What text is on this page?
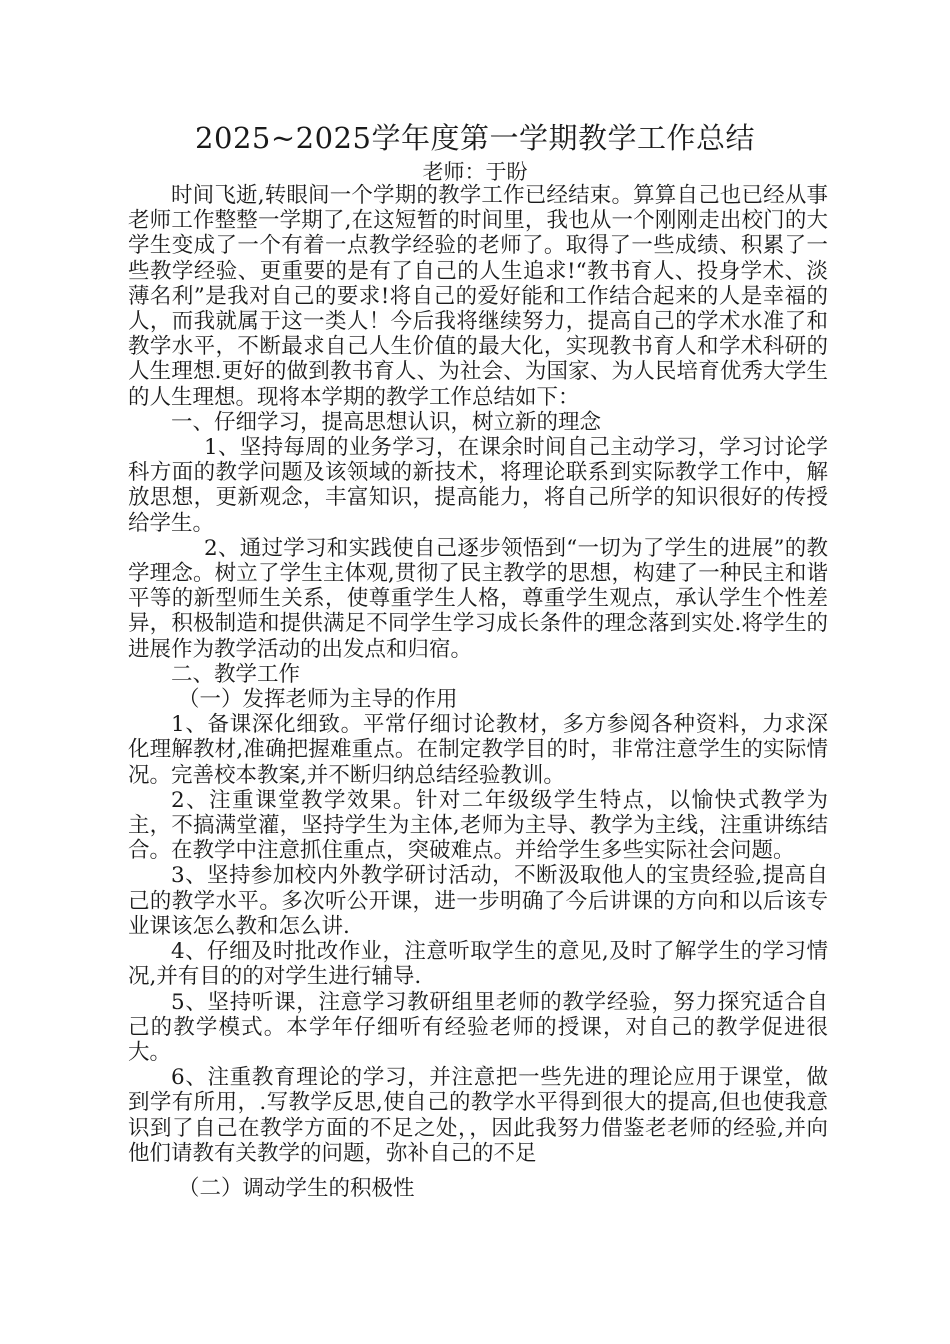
2025~2025学年度第一学期教学工作总结
老师：于盼

时间飞逝,转眼间一个学期的教学工作已经结束。算算自己也已经从事老师工作整整一学期了,在这短暂的时间里，我也从一个刚刚走出校门的大学生变成了一个有着一点教学经验的老师了。取得了一些成绩、积累了一些教学经验、更重要的是有了自己的人生追求!“教书育人、投身学术、淡薄名利”是我对自己的要求!将自己的爱好能和工作结合起来的人是幸福的人，而我就属于这一类人！今后我将继续努力，提高自己的学术水准了和教学水平，不断最求自己人生价值的最大化，实现教书育人和学术科研的人生理想.更好的做到教书育人、为社会、为国家、为人民培育优秀大学生的人生理想。现将本学期的教学工作总结如下：

一、仔细学习，提高思想认识，树立新的理念

1、坚持每周的业务学习，在课余时间自己主动学习，学习讨论学科方面的教学问题及该领域的新技术，将理论联系到实际教学工作中，解放思想，更新观念，丰富知识，提高能力，将自己所学的知识很好的传授给学生。

2、通过学习和实践使自己逐步领悟到“一切为了学生的进展”的教学理念。树立了学生主体观,贯彻了民主教学的思想，构建了一种民主和谐平等的新型师生关系，使尊重学生人格，尊重学生观点，承认学生个性差异，积极制造和提供满足不同学生学习成长条件的理念落到实处.将学生的进展作为教学活动的出发点和归宿。

二、教学工作

（一）发挥老师为主导的作用

1、备课深化细致。平常仔细讨论教材，多方参阅各种资料，力求深化理解教材,准确把握难重点。在制定教学目的时，非常注意学生的实际情况。完善校本教案,并不断归纳总结经验教训。

2、注重课堂教学效果。针对二年级级学生特点，以愉快式教学为主，不搞满堂灌，坚持学生为主体,老师为主导、教学为主线，注重讲练结合。在教学中注意抓住重点，突破难点。并给学生多些实际社会问题。

3、坚持参加校内外教学研讨活动，不断汲取他人的宝贵经验,提高自己的教学水平。多次听公开课，进一步明确了今后讲课的方向和以后该专业课该怎么教和怎么讲.

4、仔细及时批改作业，注意听取学生的意见,及时了解学生的学习情况,并有目的的对学生进行辅导.

5、坚持听课，注意学习教研组里老师的教学经验，努力探究适合自己的教学模式。本学年仔细听有经验老师的授课，对自己的教学促进很大。

6、注重教育理论的学习，并注意把一些先进的理论应用于课堂，做到学有所用，.写教学反思,使自己的教学水平得到很大的提高,但也使我意识到了自己在教学方面的不足之处，，因此我努力借鉴老老师的经验,并向他们请教有关教学的问题，弥补自己的不足

（二）调动学生的积极性
